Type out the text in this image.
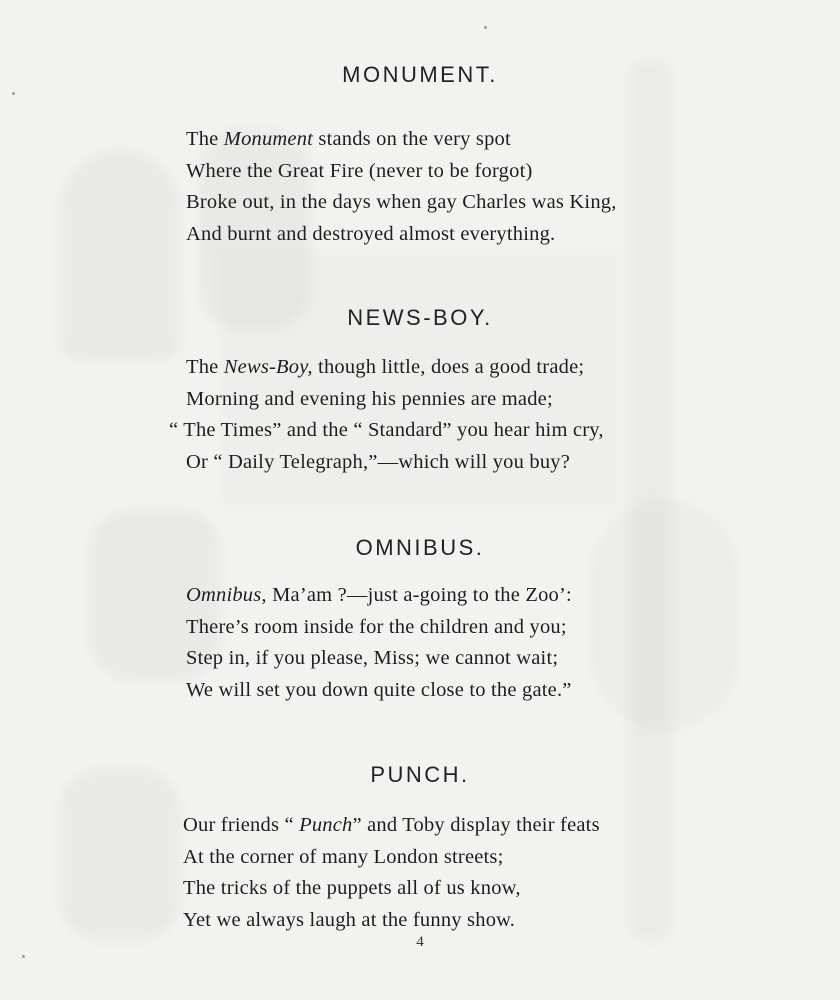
MONUMENT.
The Monument stands on the very spot
Where the Great Fire (never to be forgot)
Broke out, in the days when gay Charles was King,
And burnt and destroyed almost everything.
NEWS-BOY.
The News-Boy, though little, does a good trade;
Morning and evening his pennies are made;
“ The Times” and the “ Standard” you hear him cry,
Or “ Daily Telegraph,”—which will you buy?
OMNIBUS.
Omnibus, Ma’am ?—just a-going to the Zoo’:
There’s room inside for the children and you;
Step in, if you please, Miss; we cannot wait;
We will set you down quite close to the gate.”
PUNCH.
Our friends “ Punch” and Toby display their feats
At the corner of many London streets;
The tricks of the puppets all of us know,
Yet we always laugh at the funny show.
4
